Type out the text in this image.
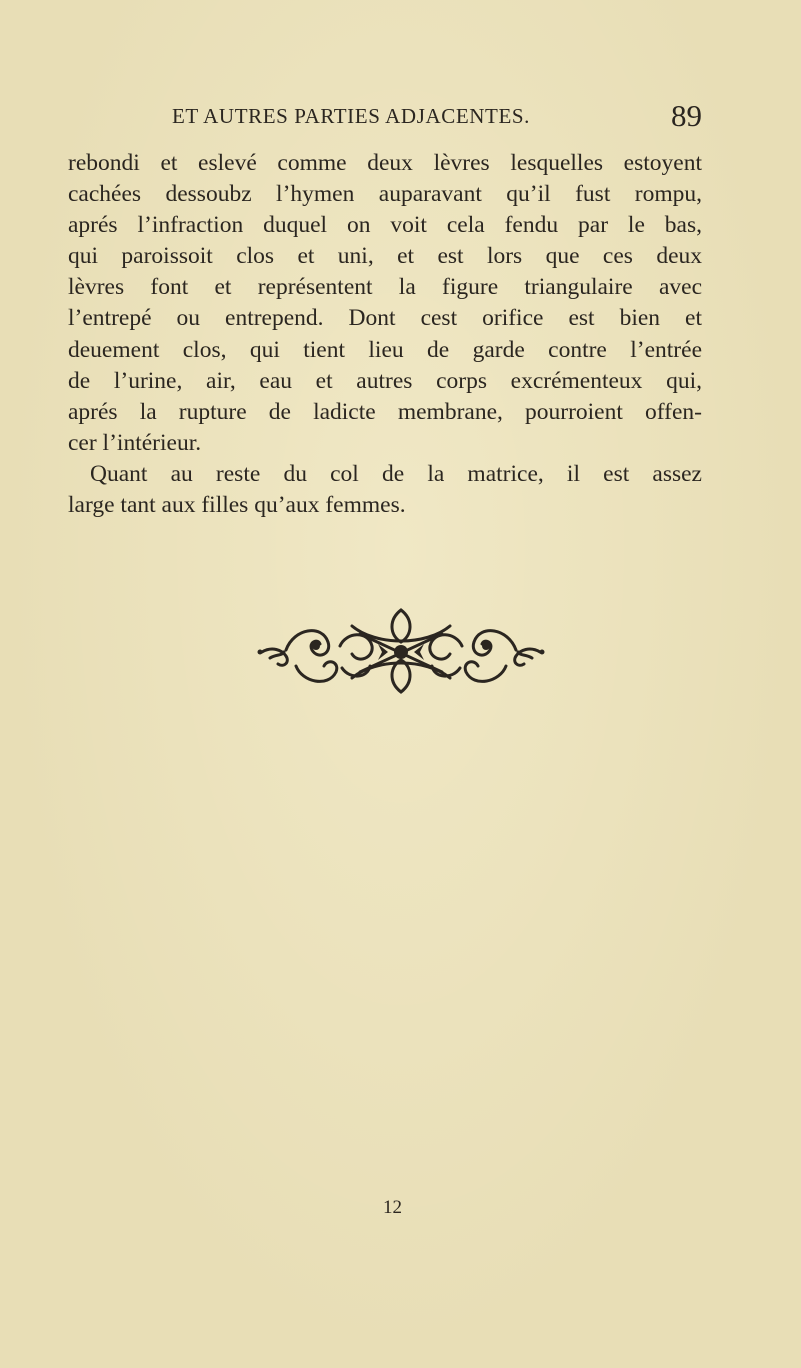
ET AUTRES PARTIES ADJACENTES.	89
rebondi et eslevé comme deux lèvres lesquelles estoyent
cachées dessoubz l’hymen auparavant qu’il fust rompu,
aprés l’infraction duquel on voit cela fendu par le bas,
qui paroissoit clos et uni, et est lors que ces deux
lèvres font et représentent la figure triangulaire avec
l’entrepé ou entrepend. Dont cest orifice est bien et
deuement clos, qui tient lieu de garde contre l’entrée
de l’urine, air, eau et autres corps excrémenteux qui,
aprés la rupture de ladicte membrane, pourroient offen-
cer l’intérieur.
Quant au reste du col de la matrice, il est assez
large tant aux filles qu’aux femmes.
12
